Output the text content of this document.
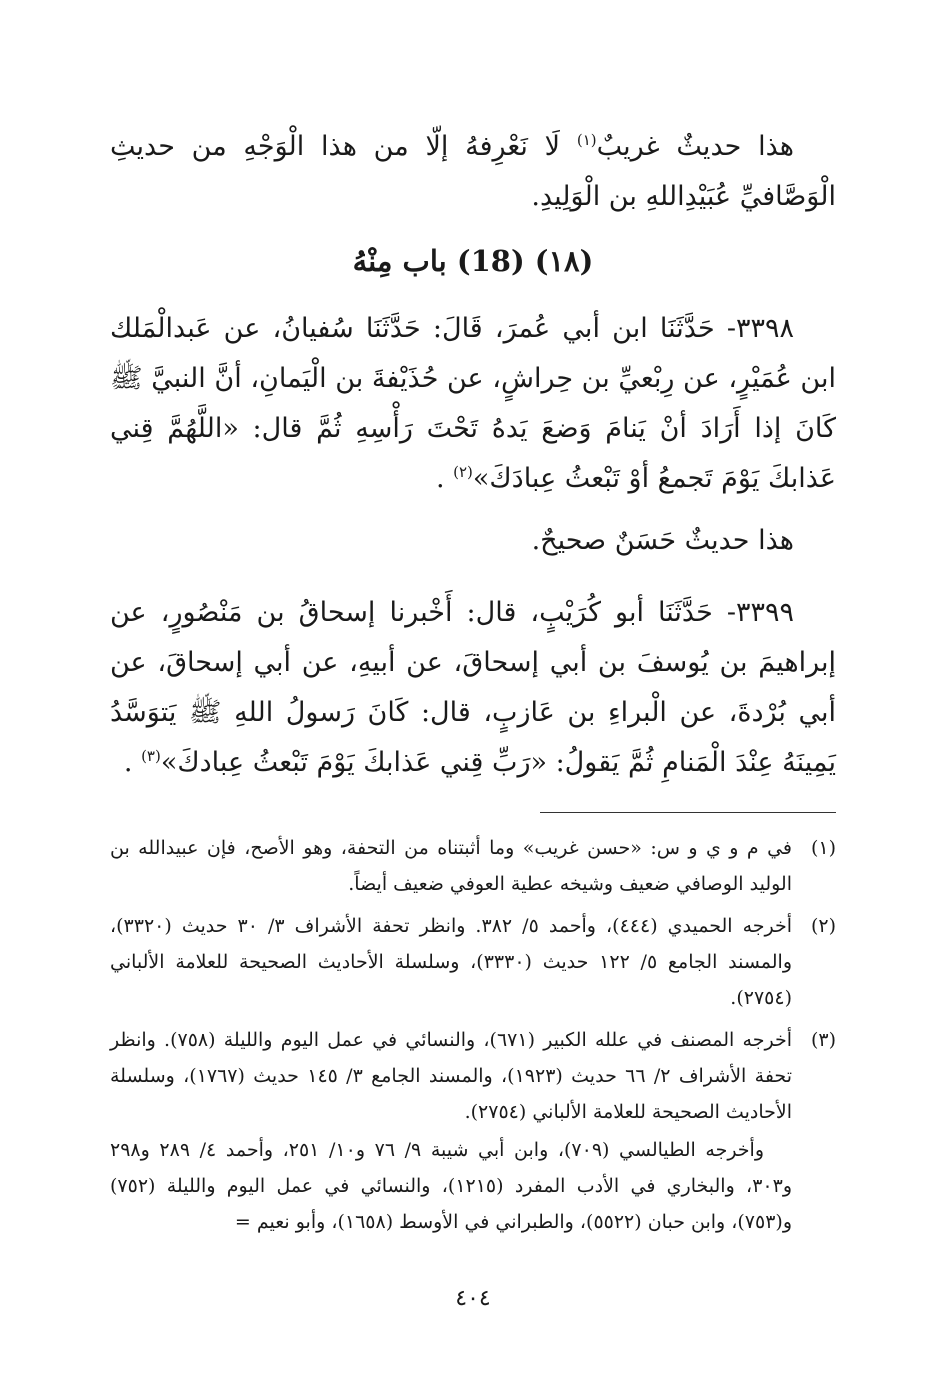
هذا حديثٌ غريبٌ$^{(١)}$ لَا نَعْرِفهُ إلّا من هذا الْوَجْهِ من حديثِ الْوَصَّافيِّ عُبَيْدِاللهِ بن الْوَلِيدِ.

(١٨) (18) باب مِنْهُ

٣٣٩٨- حَدَّثَنَا ابن أبي عُمرَ، قَالَ: حَدَّثَنَا سُفيانُ، عن عَبدالْمَلك ابن عُمَيْرٍ، عن رِبْعيِّ بن حِراشٍ، عن حُذَيْفةَ بن الْيَمانِ، أنَّ النبيَّ ﷺ كَانَ إذا أَرَادَ أنْ يَنامَ وَضعَ يَدهُ تَحْتَ رَأْسِهِ ثُمَّ قال: «اللَّهُمَّ قِني عَذابكَ يَوْمَ تَجمعُ أوْ تَبْعثُ عِبادَكَ»$^{(٢)}$ .

هذا حديثٌ حَسَنٌ صحيحٌ.

٣٣٩٩- حَدَّثَنَا أبو كُرَيْبٍ، قال: أَخْبرنا إسحاقُ بن مَنْصُورٍ، عن إبراهيمَ بن يُوسفَ بن أبي إسحاقَ، عن أبيهِ، عن أبي إسحاقَ، عن أبي بُرْدةَ، عن الْبراءِ بن عَازبٍ، قال: كَانَ رَسولُ اللهِ ﷺ يَتوَسَّدُ يَمِينَهُ عِنْدَ الْمَنامِ ثُمَّ يَقولُ: «رَبِّ قِني عَذابكَ يَوْمَ تَبْعثُ عِبادكَ»$^{(٣)}$ .

(١)

في م و ي و س: «حسن غريب» وما أثبتناه من التحفة، وهو الأصح، فإن عبيدالله بن الوليد الوصافي ضعيف وشيخه عطية العوفي ضعيف أيضاً.

(٢)

أخرجه الحميدي (٤٤٤)، وأحمد ٥/ ٣٨٢. وانظر تحفة الأشراف ٣/ ٣٠ حديث (٣٣٢٠)، والمسند الجامع ٥/ ١٢٢ حديث (٣٣٣٠)، وسلسلة الأحاديث الصحيحة للعلامة الألباني (٢٧٥٤).

(٣)

أخرجه المصنف في علله الكبير (٦٧١)، والنسائي في عمل اليوم والليلة (٧٥٨). وانظر تحفة الأشراف ٢/ ٦٦ حديث (١٩٢٣)، والمسند الجامع ٣/ ١٤٥ حديث (١٧٦٧)، وسلسلة الأحاديث الصحيحة للعلامة الألباني (٢٧٥٤).

وأخرجه الطيالسي (٧٠٩)، وابن أبي شيبة ٩/ ٧٦ و١٠/ ٢٥١، وأحمد ٤/ ٢٨٩ و٢٩٨ و٣٠٣، والبخاري في الأدب المفرد (١٢١٥)، والنسائي في عمل اليوم والليلة (٧٥٢) و(٧٥٣)، وابن حبان (٥٥٢٢)، والطبراني في الأوسط (١٦٥٨)، وأبو نعيم =

٤٠٤
